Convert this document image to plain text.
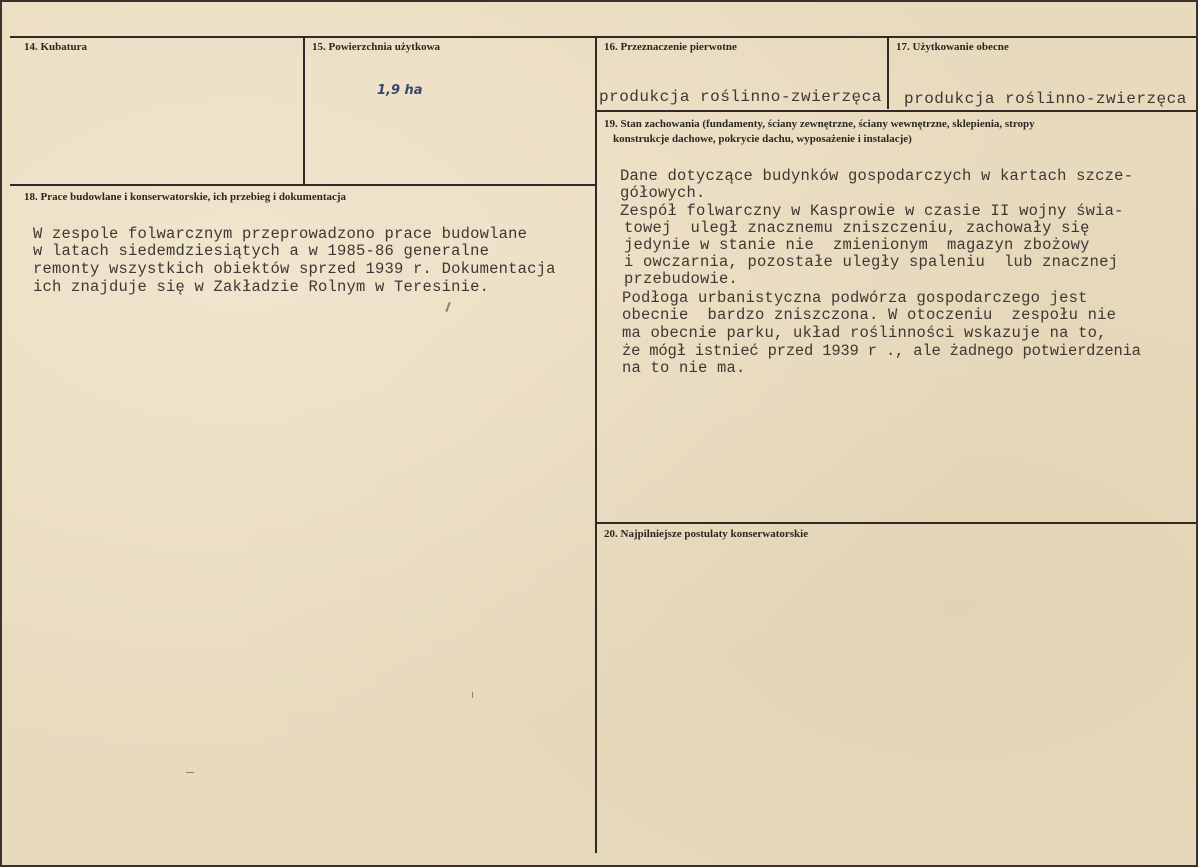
14. Kubatura	15. Powierzchnia użytkowa
1,9 ha
16. Przeznaczenie pierwotne
produkcja roślinno-zwierzęca
17. Użytkowanie obecne
produkcja roślinno-zwierzęca
18. Prace budowlane i konserwatorskie, ich przebieg i dokumentacja
W zespole folwarcznym przeprowadzono prace budowlane
w latach siedemdziesiątych a w 1985-86 generalne
remonty wszystkich obiektów sprzed 1939 r. Dokumentacja
ich znajduje się w Zakładzie Rolnym w Teresinie.
19. Stan zachowania (fundamenty, ściany zewnętrzne, ściany wewnętrzne, sklepienia, stropy
konstrukcje dachowe, pokrycie dachu, wyposażenie i instalacje)
Dane dotyczące budynków gospodarczych w kartach szcze-
gółowych.
Zespół folwarczny w Kasprowie w czasie II wojny świa-
towej  uległ znacznemu zniszczeniu, zachowały się
jedynie w stanie nie  zmienionym  magazyn zbożowy
i owczarnia, pozostałe uległy spaleniu  lub znacznej
przebudowie.
Podłoga urbanistyczna podwórza gospodarczego jest
obecnie  bardzo zniszczona. W otoczeniu  zespołu nie
ma obecnie parku, układ roślinności wskazuje na to,
że mógł istnieć przed 1939 r ., ale żadnego potwierdzenia
na to nie ma.
20. Najpilniejsze postulaty konserwatorskie
